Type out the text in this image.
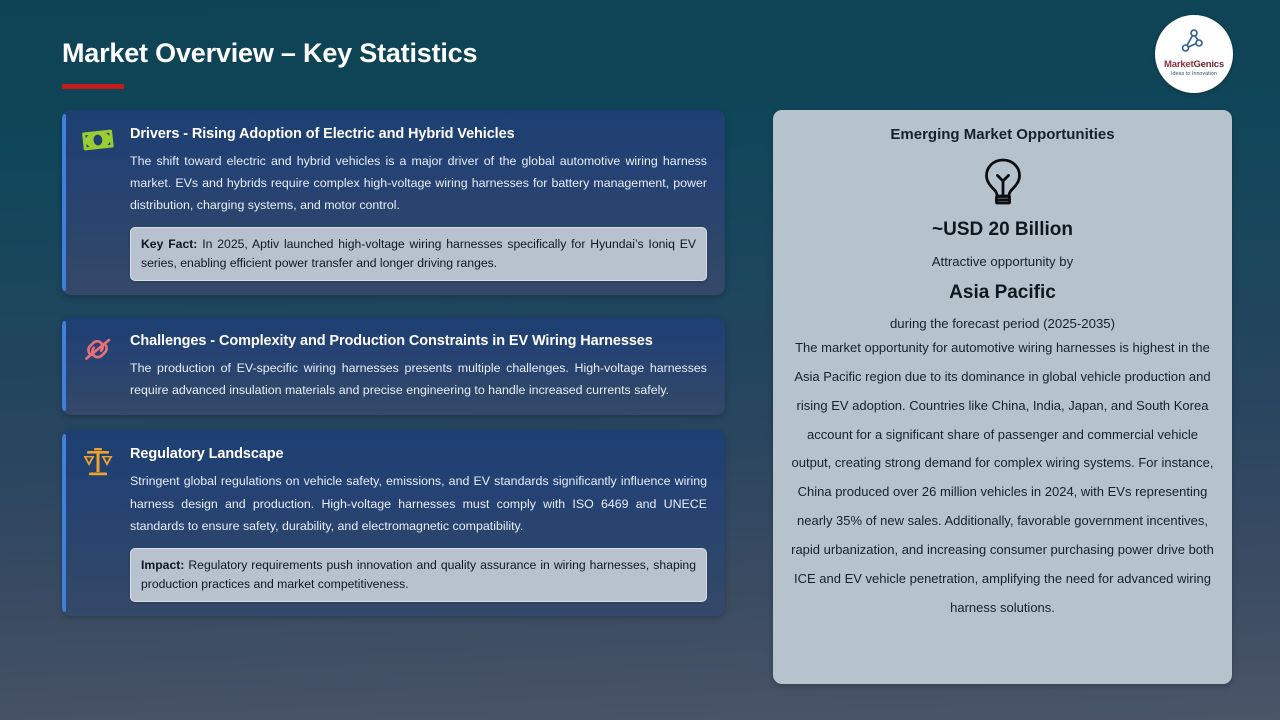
Market Overview – Key Statistics	MarketGenics
Ideas to Innovation
Drivers - Rising Adoption of Electric and Hybrid Vehicles
The shift toward electric and hybrid vehicles is a major driver of the global automotive wiring harness market. EVs and hybrids require complex high-voltage wiring harnesses for battery management, power distribution, charging systems, and motor control.
Key Fact: In 2025, Aptiv launched high-voltage wiring harnesses specifically for Hyundai’s Ioniq EV series, enabling efficient power transfer and longer driving ranges.
Challenges - Complexity and Production Constraints in EV Wiring Harnesses
The production of EV-specific wiring harnesses presents multiple challenges. High-voltage harnesses require advanced insulation materials and precise engineering to handle increased currents safely.
Regulatory Landscape
Stringent global regulations on vehicle safety, emissions, and EV standards significantly influence wiring harness design and production. High-voltage harnesses must comply with ISO 6469 and UNECE standards to ensure safety, durability, and electromagnetic compatibility.
Impact: Regulatory requirements push innovation and quality assurance in wiring harnesses, shaping production practices and market competitiveness.
Emerging Market Opportunities
~USD 20 Billion
Attractive opportunity by
Asia Pacific
during the forecast period (2025-2035)
The market opportunity for automotive wiring harnesses is highest in the Asia Pacific region due to its dominance in global vehicle production and rising EV adoption. Countries like China, India, Japan, and South Korea account for a significant share of passenger and commercial vehicle output, creating strong demand for complex wiring systems. For instance, China produced over 26 million vehicles in 2024, with EVs representing nearly 35% of new sales. Additionally, favorable government incentives, rapid urbanization, and increasing consumer purchasing power drive both ICE and EV vehicle penetration, amplifying the need for advanced wiring harness solutions.
